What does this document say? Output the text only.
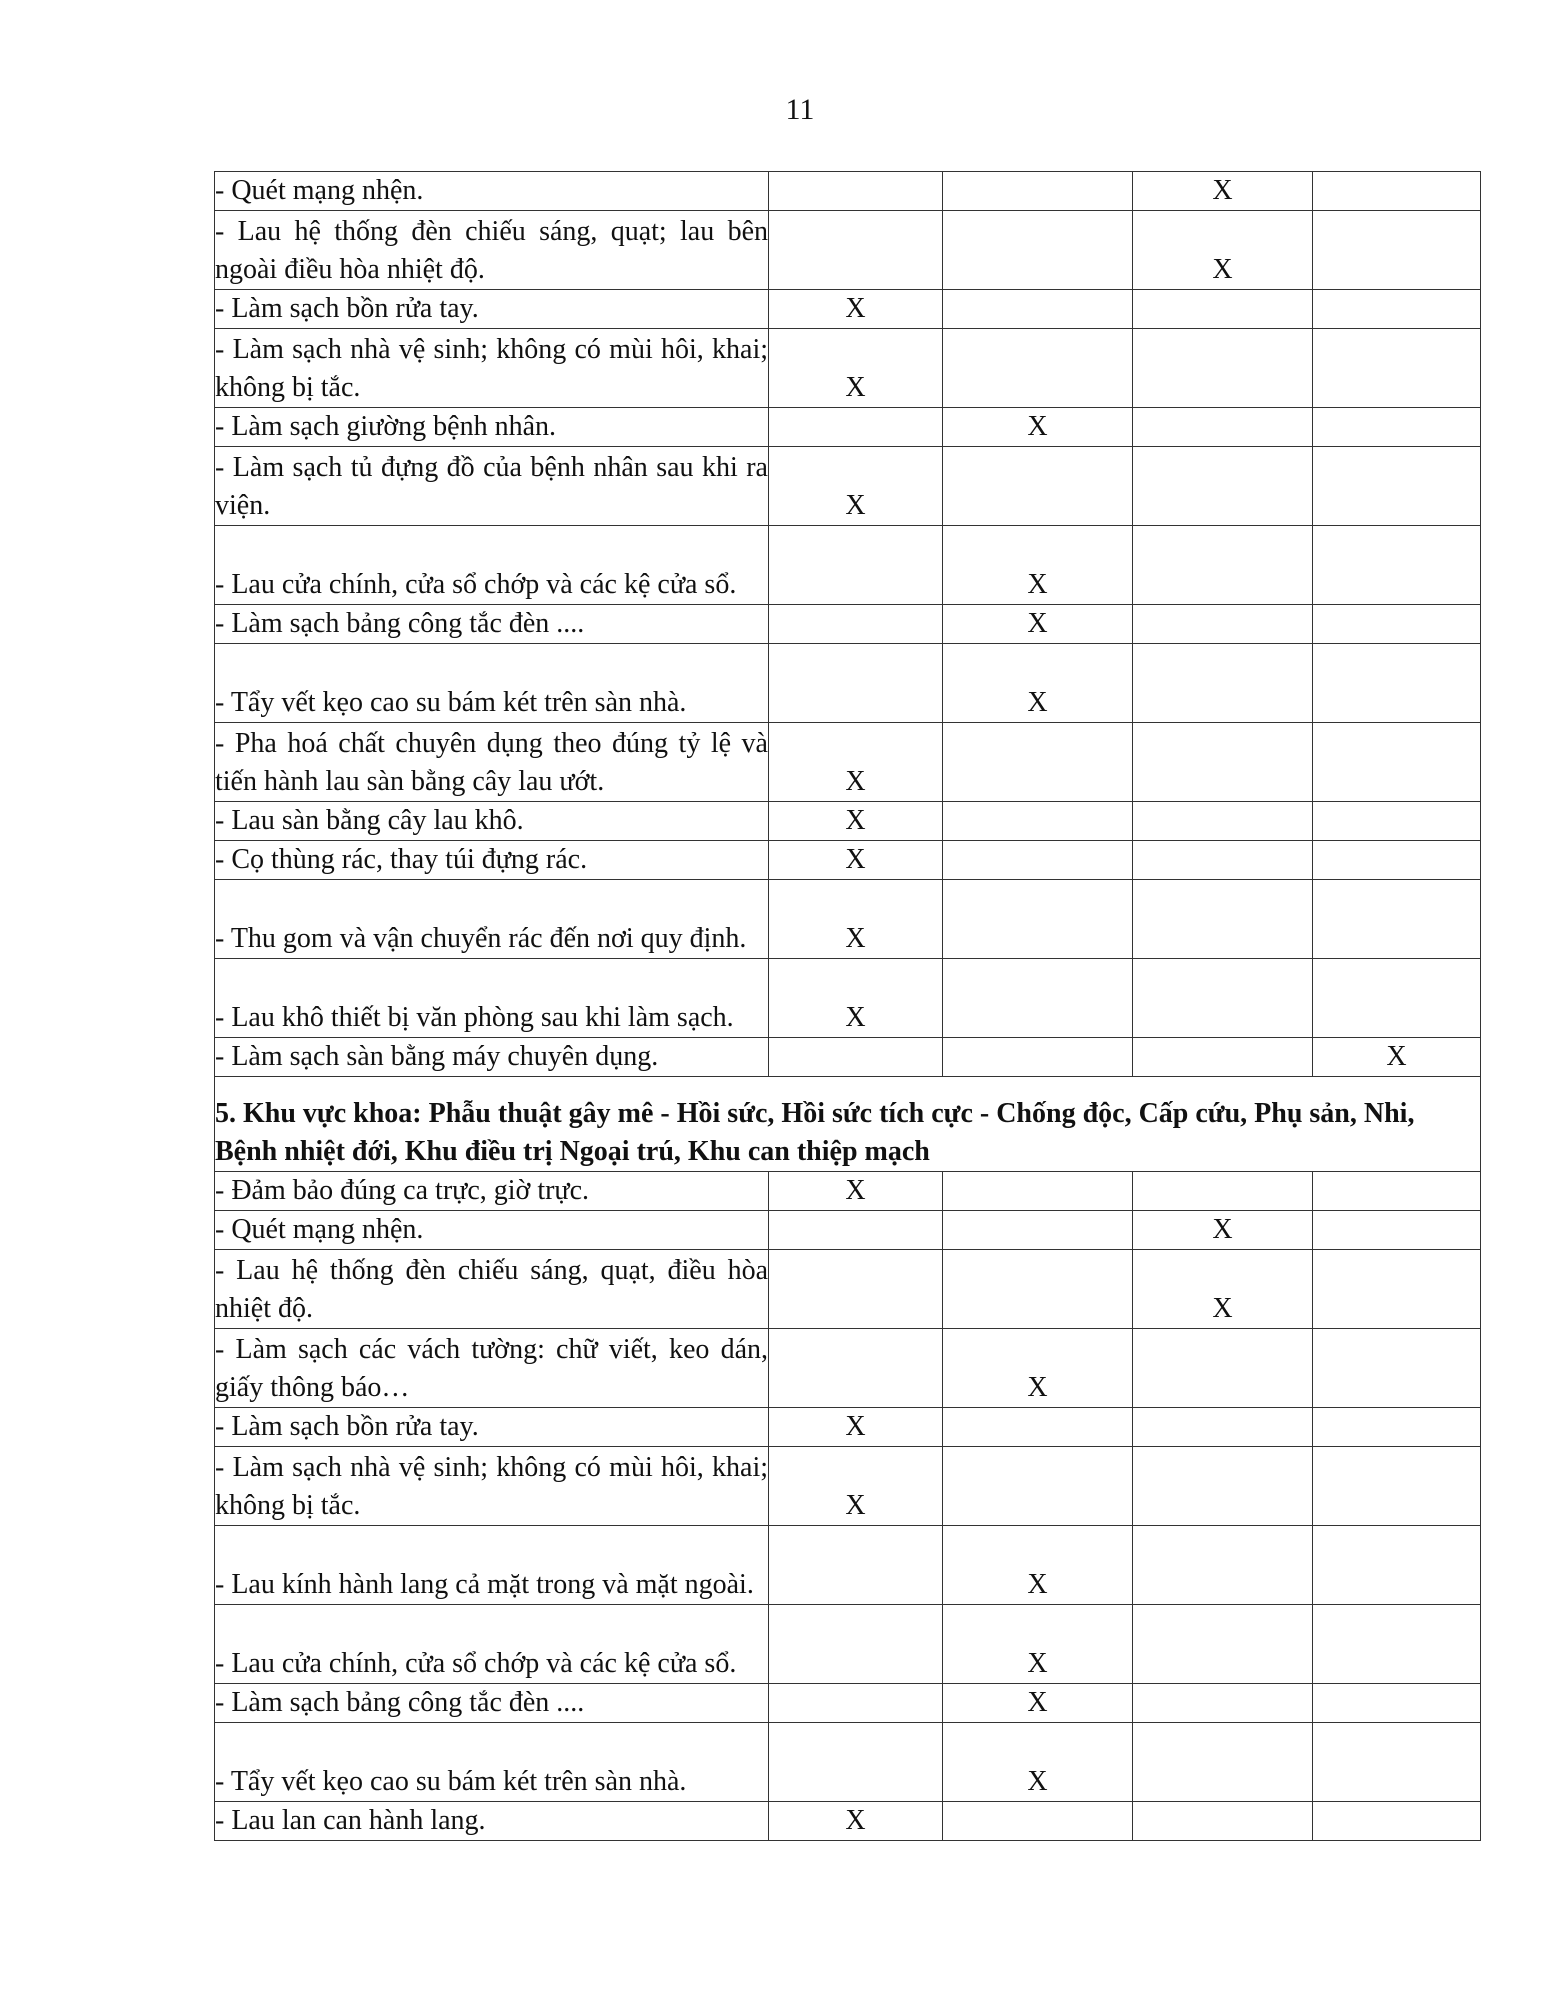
11
- Quét mạng nhện.			X	
- Lau hệ thống đèn chiếu sáng, quạt; lau bên ngoài điều hòa nhiệt độ.			X	
- Làm sạch bồn rửa tay.	X			
- Làm sạch nhà vệ sinh; không có mùi hôi, khai; không bị tắc.	X			
- Làm sạch giường bệnh nhân.		X		
- Làm sạch tủ đựng đồ của bệnh nhân sau khi ra viện.	X			
- Lau cửa chính, cửa sổ chớp và các kệ cửa sổ.		X		
- Làm sạch bảng công tắc đèn ....		X		
- Tẩy vết kẹo cao su bám két trên sàn nhà.		X		
- Pha hoá chất chuyên dụng theo đúng tỷ lệ và tiến hành lau sàn bằng cây lau ướt.	X			
- Lau sàn bằng cây lau khô.	X			
- Cọ thùng rác, thay túi đựng rác.	X			
- Thu gom và vận chuyển rác đến nơi quy định.	X			
- Lau khô thiết bị văn phòng sau khi làm sạch.	X			
- Làm sạch sàn bằng máy chuyên dụng.				X
5. Khu vực khoa: Phẫu thuật gây mê - Hồi sức, Hồi sức tích cực - Chống độc, Cấp cứu, Phụ sản, Nhi, Bệnh nhiệt đới, Khu điều trị Ngoại trú, Khu can thiệp mạch				
- Đảm bảo đúng ca trực, giờ trực.	X			
- Quét mạng nhện.			X	
- Lau hệ thống đèn chiếu sáng, quạt, điều hòa nhiệt độ.			X	
- Làm sạch các vách tường: chữ viết, keo dán, giấy thông báo…		X		
- Làm sạch bồn rửa tay.	X			
- Làm sạch nhà vệ sinh; không có mùi hôi, khai; không bị tắc.	X			
- Lau kính hành lang cả mặt trong và mặt ngoài.		X		
- Lau cửa chính, cửa sổ chớp và các kệ cửa sổ.		X		
- Làm sạch bảng công tắc đèn ....		X		
- Tẩy vết kẹo cao su bám két trên sàn nhà.		X		
- Lau lan can hành lang.	X			
